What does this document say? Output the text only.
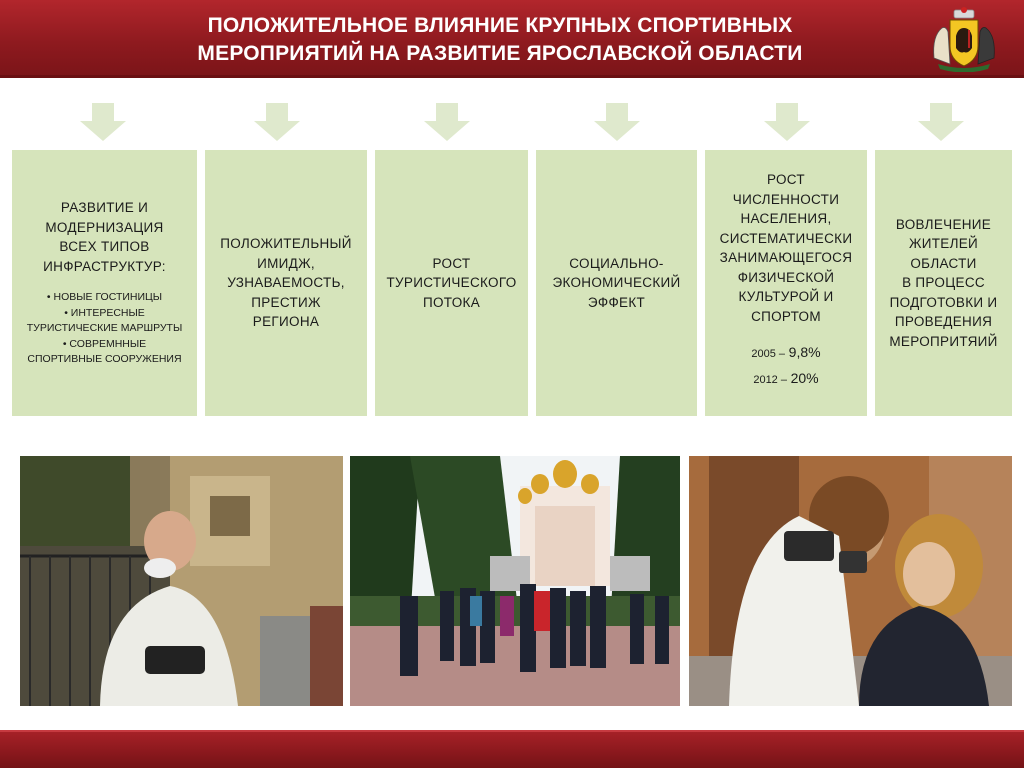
ПОЛОЖИТЕЛЬНОЕ ВЛИЯНИЕ КРУПНЫХ СПОРТИВНЫХ
МЕРОПРИЯТИЙ НА РАЗВИТИЕ ЯРОСЛАВСКОЙ ОБЛАСТИ
РАЗВИТИЕ И
МОДЕРНИЗАЦИЯ
ВСЕХ ТИПОВ
ИНФРАСТРУКТУР:
• НОВЫЕ ГОСТИНИЦЫ
• ИНТЕРЕСНЫЕ
ТУРИСТИЧЕСКИЕ МАРШРУТЫ
• СОВРЕМННЫЕ
СПОРТИВНЫЕ СООРУЖЕНИЯ
ПОЛОЖИТЕЛЬНЫЙ
ИМИДЖ,
УЗНАВАЕМОСТЬ,
ПРЕСТИЖ
РЕГИОНА
РОСТ
ТУРИСТИЧЕСКОГО
ПОТОКА
СОЦИАЛЬНО-
ЭКОНОМИЧЕСКИЙ
ЭФФЕКТ
РОСТ
ЧИСЛЕННОСТИ
НАСЕЛЕНИЯ,
СИСТЕМАТИЧЕСКИ
ЗАНИМАЮЩЕГОСЯ
ФИЗИЧЕСКОЙ
КУЛЬТУРОЙ И
СПОРТОМ
2005 – 9,8%
2012 – 20%
ВОВЛЕЧЕНИЕ
ЖИТЕЛЕЙ
ОБЛАСТИ
В ПРОЦЕСС
ПОДГОТОВКИ И
ПРОВЕДЕНИЯ
МЕРОПРИТЯИЙ
